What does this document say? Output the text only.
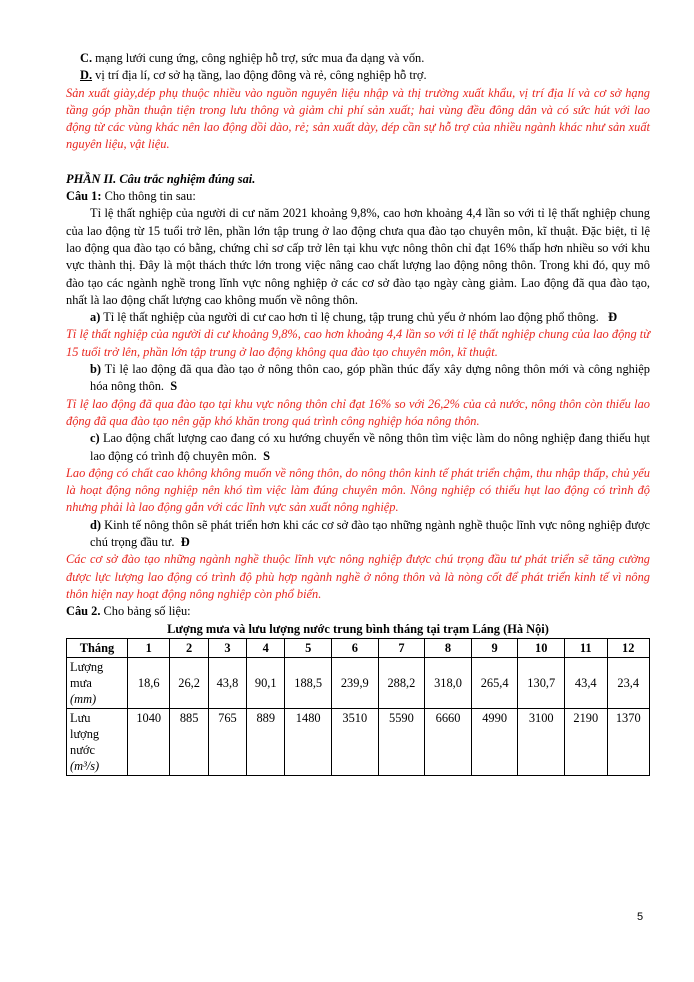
C. mạng lưới cung ứng, công nghiệp hỗ trợ, sức mua đa dạng và vốn.

D. vị trí địa lí, cơ sở hạ tầng, lao động đông và rẻ, công nghiệp hỗ trợ.

Sản xuất giày,dép phụ thuộc nhiều vào nguồn nguyên liệu nhập và thị trường xuất khẩu, vị trí địa lí và cơ sở hạng tầng góp phần thuận tiện trong lưu thông và giảm chi phí sản xuất; hai vùng đều đông dân và có sức hút với lao động từ các vùng khác nên lao động dồi dào, rẻ; sản xuất dày, dép cần sự hỗ trợ của nhiều ngành khác như sản xuất nguyên liệu, vật liệu.

PHẦN II. Câu trắc nghiệm đúng sai.

Câu 1: Cho thông tin sau:

Tỉ lệ thất nghiệp của người di cư năm 2021 khoảng 9,8%, cao hơn khoảng 4,4 lần so với tỉ lệ thất nghiệp chung của lao động từ 15 tuổi trở lên, phần lớn tập trung ở lao động chưa qua đào tạo chuyên môn, kĩ thuật. Đặc biệt, tỉ lệ lao động qua đào tạo có bằng, chứng chỉ sơ cấp trở lên tại khu vực nông thôn chỉ đạt 16% thấp hơn nhiều so với khu vực thành thị. Đây là một thách thức lớn trong việc nâng cao chất lượng lao động nông thôn. Trong khi đó, quy mô đào tạo các ngành nghề trong lĩnh vực nông nghiệp ở các cơ sở đào tạo ngày càng giảm. Lao động đã qua đào tạo, nhất là lao động chất lượng cao không muốn về nông thôn.

a) Tỉ lệ thất nghiệp của người di cư cao hơn tỉ lệ chung, tập trung chủ yếu ở nhóm lao động phổ thông. Đ

Tỉ lệ thất nghiệp của người di cư khoảng 9,8%, cao hơn khoảng 4,4 lần so với tỉ lệ thất nghiệp chung của lao động từ 15 tuổi trở lên, phần lớn tập trung ở lao động không qua đào tạo chuyên môn, kĩ thuật.

b) Tỉ lệ lao động đã qua đào tạo ở nông thôn cao, góp phần thúc đẩy xây dựng nông thôn mới và công nghiệp hóa nông thôn. S

Tỉ lệ lao động đã qua đào tạo tại khu vực nông thôn chỉ đạt 16% so với 26,2% của cả nước, nông thôn còn thiếu lao động đã qua đào tạo nên gặp khó khăn trong quá trình công nghiệp hóa nông thôn.

c) Lao động chất lượng cao đang có xu hướng chuyển về nông thôn tìm việc làm do nông nghiệp đang thiếu hụt lao động có trình độ chuyên môn. S

Lao động có chất cao không không muốn về nông thôn, do nông thôn kinh tế phát triển chậm, thu nhập thấp, chủ yếu là hoạt động nông nghiệp nên khó tìm việc làm đúng chuyên môn. Nông nghiệp có thiếu hụt lao động có trình độ nhưng phải là lao động gắn với các lĩnh vực sản xuất nông nghiệp.

d) Kinh tế nông thôn sẽ phát triển hơn khi các cơ sở đào tạo những ngành nghề thuộc lĩnh vực nông nghiệp được chú trọng đầu tư. Đ

Các cơ sở đào tạo những ngành nghề thuộc lĩnh vực nông nghiệp được chú trọng đầu tư phát triển sẽ tăng cường được lực lượng lao động có trình độ phù hợp ngành nghề ở nông thôn và là nòng cốt để phát triển kinh tế vì nông thôn hiện nay hoạt động nông nghiệp còn phổ biến.

Câu 2. Cho bảng số liệu:

Lượng mưa và lưu lượng nước trung bình tháng tại trạm Láng (Hà Nội)

Tháng	1	2	3	4	5	6	7	8	9	10	11	12

Lượng
mưa
(mm)	18,6	26,2	43,8	90,1	188,5	239,9	288,2	318,0	265,4	130,7	43,4	23,4

Lưu
lượng
nước
(m³/s)	1040	885	765	889	1480	3510	5590	6660	4990	3100	2190	1370
5
